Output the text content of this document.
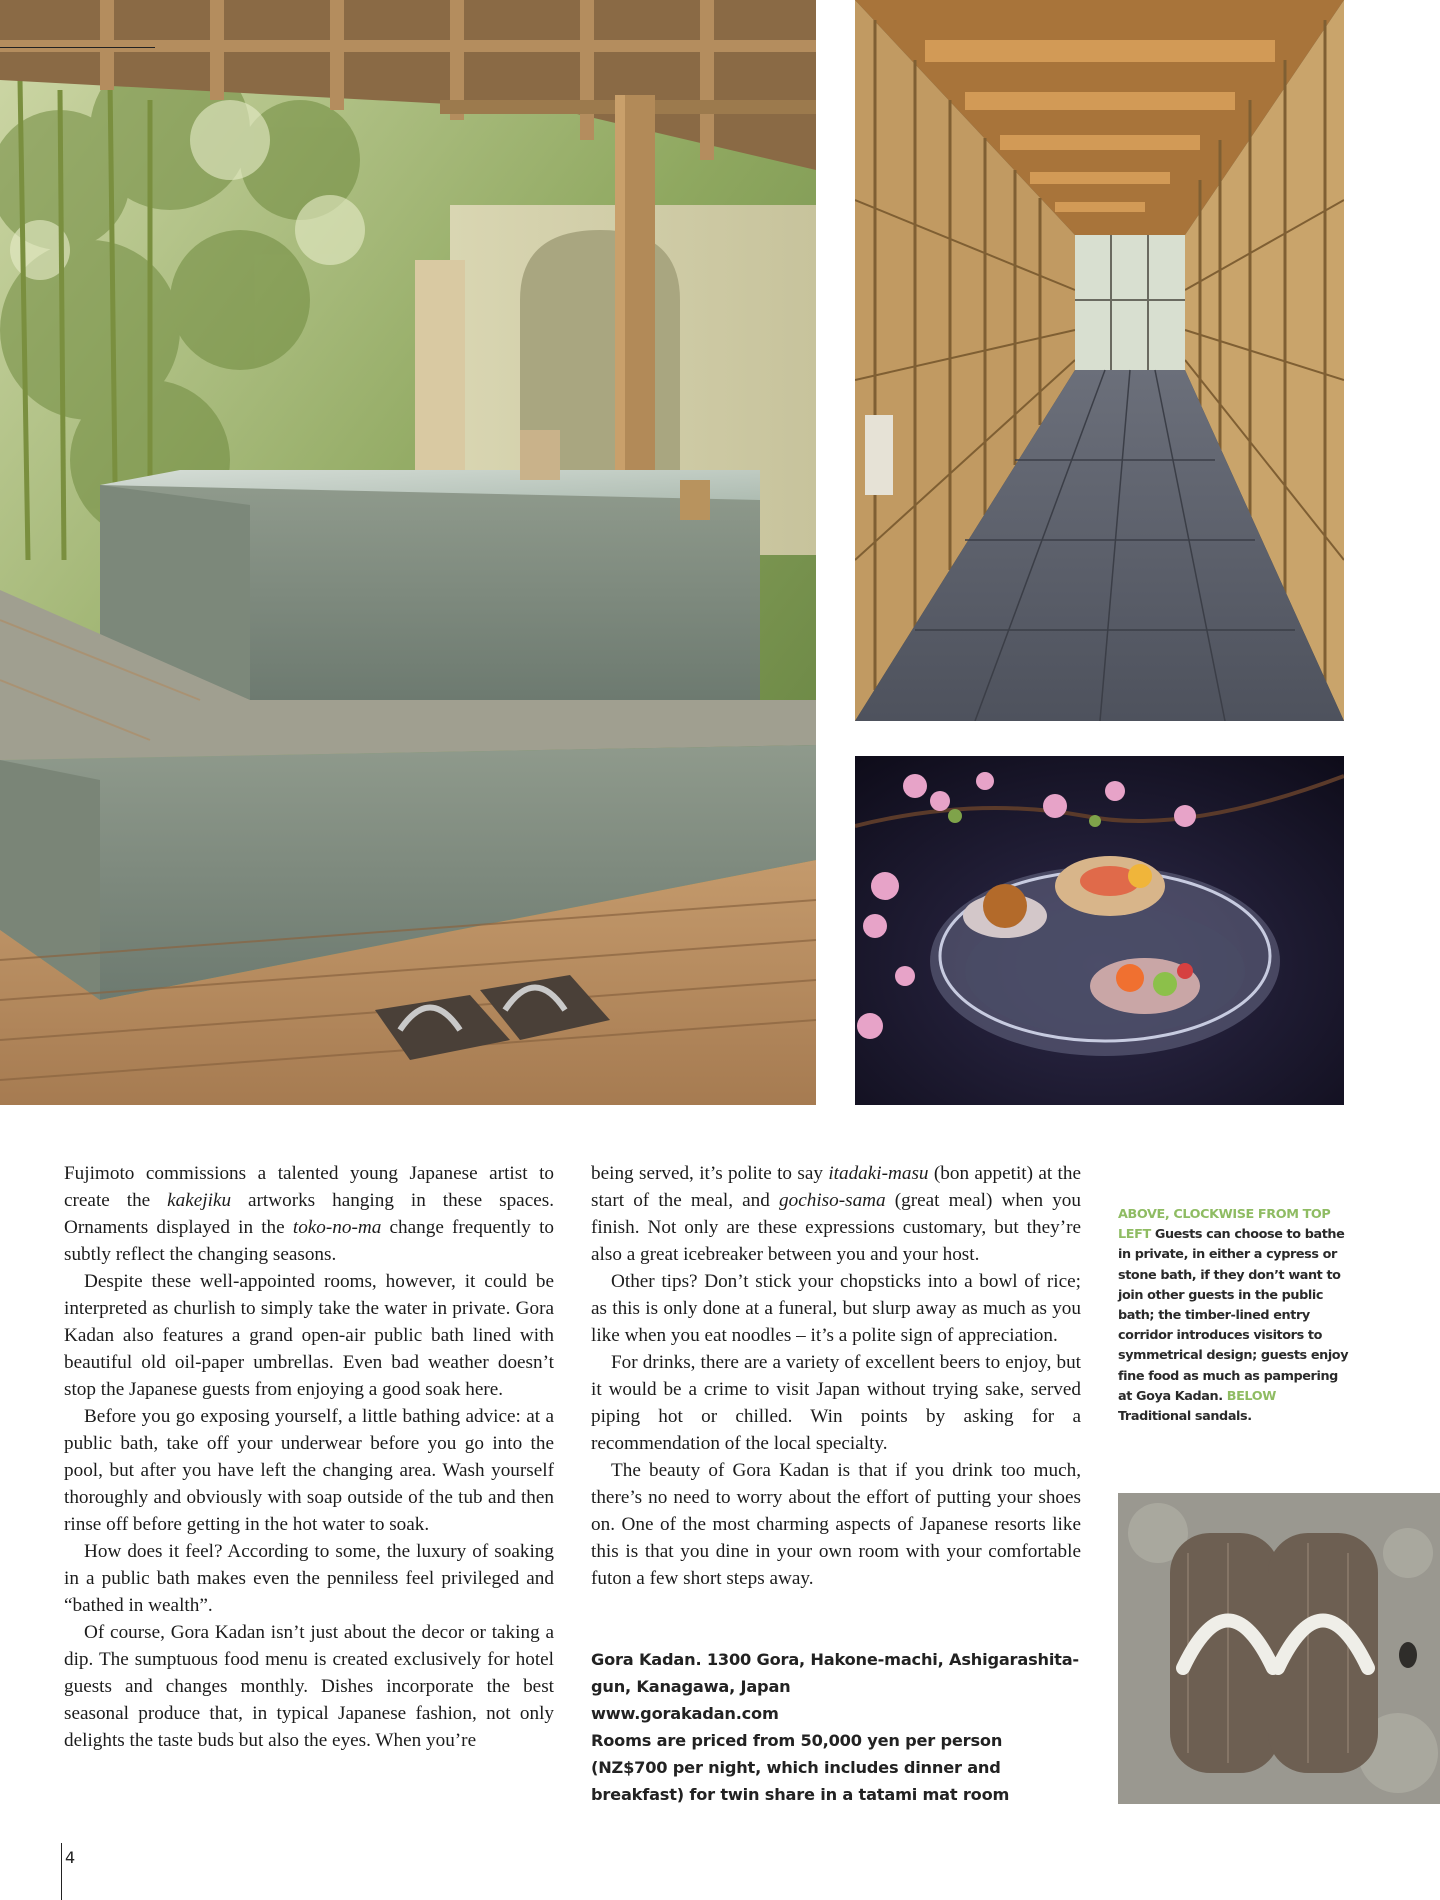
Fujimoto commissions a talented young Japanese artist to create the kakejiku artworks hanging in these spaces. Ornaments displayed in the toko-no-ma change frequently to subtly reflect the changing seasons.

Despite these well-appointed rooms, however, it could be interpreted as churlish to simply take the water in private. Gora Kadan also features a grand open-air public bath lined with beautiful old oil-paper umbrellas. Even bad weather doesn’t stop the Japanese guests from enjoying a good soak here.

Before you go exposing yourself, a little bathing advice: at a public bath, take off your underwear before you go into the pool, but after you have left the changing area. Wash yourself thoroughly and obviously with soap outside of the tub and then rinse off before getting in the hot water to soak.

How does it feel? According to some, the luxury of soaking in a public bath makes even the penniless feel privileged and “bathed in wealth”.

Of course, Gora Kadan isn’t just about the decor or taking a dip. The sumptuous food menu is created exclusively for hotel guests and changes monthly. Dishes incorporate the best seasonal produce that, in typical Japanese fashion, not only delights the taste buds but also the eyes. When you’re

being served, it’s polite to say itadaki-masu (bon appetit) at the start of the meal, and gochiso-sama (great meal) when you finish. Not only are these expressions customary, but they’re also a great icebreaker between you and your host.

Other tips? Don’t stick your chopsticks into a bowl of rice; as this is only done at a funeral, but slurp away as much as you like when you eat noodles – it’s a polite sign of appreciation.

For drinks, there are a variety of excellent beers to enjoy, but it would be a crime to visit Japan without trying sake, served piping hot or chilled. Win points by asking for a recommendation of the local specialty.

The beauty of Gora Kadan is that if you drink too much, there’s no need to worry about the effort of putting your shoes on. One of the most charming aspects of Japanese resorts like this is that you dine in your own room with your comfortable futon a few short steps away.

Gora Kadan. 1300 Gora, Hakone-machi, Ashigarashita-gun, Kanagawa, Japan
www.gorakadan.com
Rooms are priced from 50,000 yen per person (NZ$700 per night, which includes dinner and breakfast) for twin share in a tatami mat room
ABOVE, CLOCKWISE FROM TOP LEFT Guests can choose to bathe in private, in either a cypress or stone bath, if they don’t want to join other guests in the public bath; the timber-lined entry corridor introduces visitors to symmetrical design; guests enjoy fine food as much as pampering at Goya Kadan. BELOW Traditional sandals.
4
